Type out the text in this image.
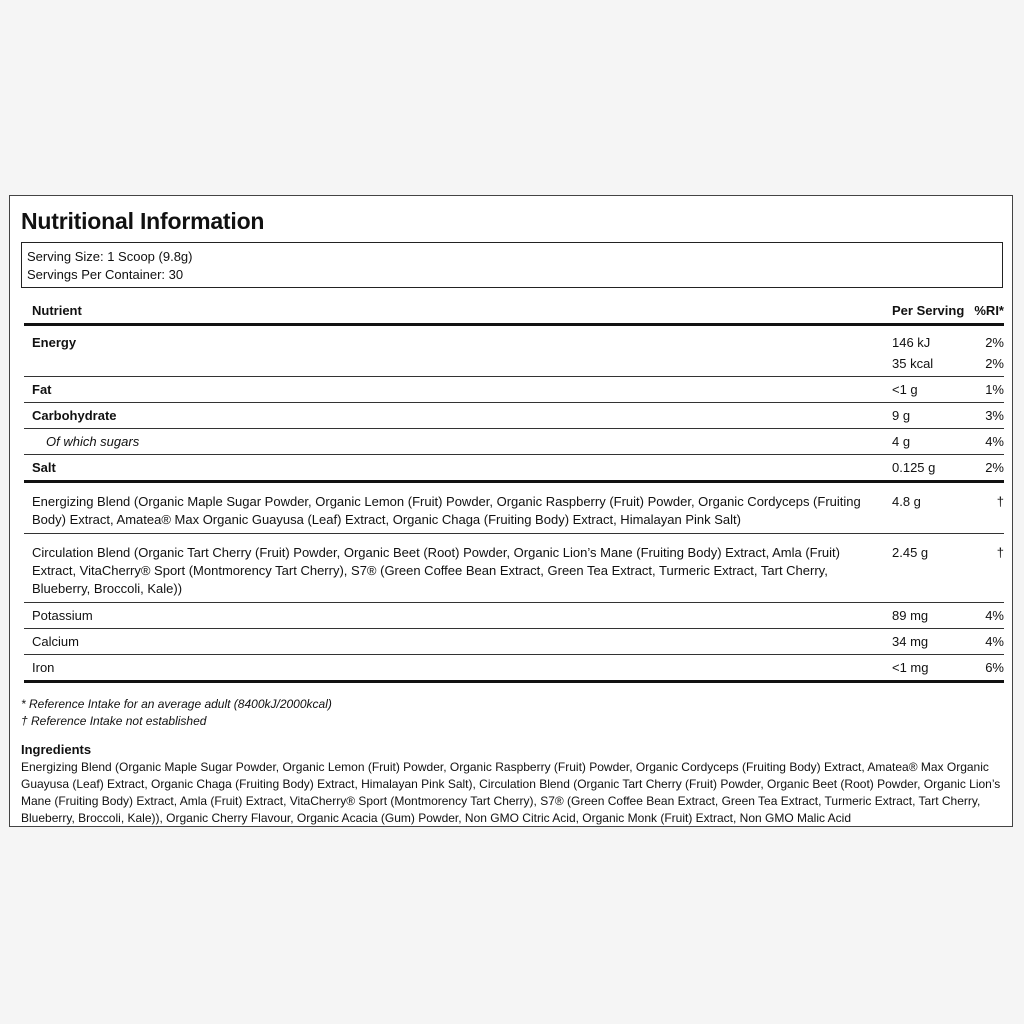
Nutritional Information
Serving Size: 1 Scoop (9.8g)
Servings Per Container: 30
Nutrient	Per Serving	%RI*
Energy	146 kJ	2%
	35 kcal	2%
Fat	<1 g	1%
Carbohydrate	9 g	3%
Of which sugars	4 g	4%
Salt	0.125 g	2%
Energizing Blend (Organic Maple Sugar Powder, Organic Lemon (Fruit) Powder, Organic Raspberry (Fruit) Powder, Organic Cordyceps (Fruiting Body) Extract, Amatea® Max Organic Guayusa (Leaf) Extract, Organic Chaga (Fruiting Body) Extract, Himalayan Pink Salt)	4.8 g	†
Circulation Blend (Organic Tart Cherry (Fruit) Powder, Organic Beet (Root) Powder, Organic Lion’s Mane (Fruiting Body) Extract, Amla (Fruit) Extract, VitaCherry® Sport (Montmorency Tart Cherry), S7® (Green Coffee Bean Extract, Green Tea Extract, Turmeric Extract, Tart Cherry, Blueberry, Broccoli, Kale))	2.45 g	†
Potassium	89 mg	4%
Calcium	34 mg	4%
Iron	<1 mg	6%
* Reference Intake for an average adult (8400kJ/2000kcal)
† Reference Intake not established
Ingredients
Energizing Blend (Organic Maple Sugar Powder, Organic Lemon (Fruit) Powder, Organic Raspberry (Fruit) Powder, Organic Cordyceps (Fruiting Body) Extract, Amatea® Max Organic Guayusa (Leaf) Extract, Organic Chaga (Fruiting Body) Extract, Himalayan Pink Salt), Circulation Blend (Organic Tart Cherry (Fruit) Powder, Organic Beet (Root) Powder, Organic Lion’s Mane (Fruiting Body) Extract, Amla (Fruit) Extract, VitaCherry® Sport (Montmorency Tart Cherry), S7® (Green Coffee Bean Extract, Green Tea Extract, Turmeric Extract, Tart Cherry, Blueberry, Broccoli, Kale)), Organic Cherry Flavour, Organic Acacia (Gum) Powder, Non GMO Citric Acid, Organic Monk (Fruit) Extract, Non GMO Malic Acid
